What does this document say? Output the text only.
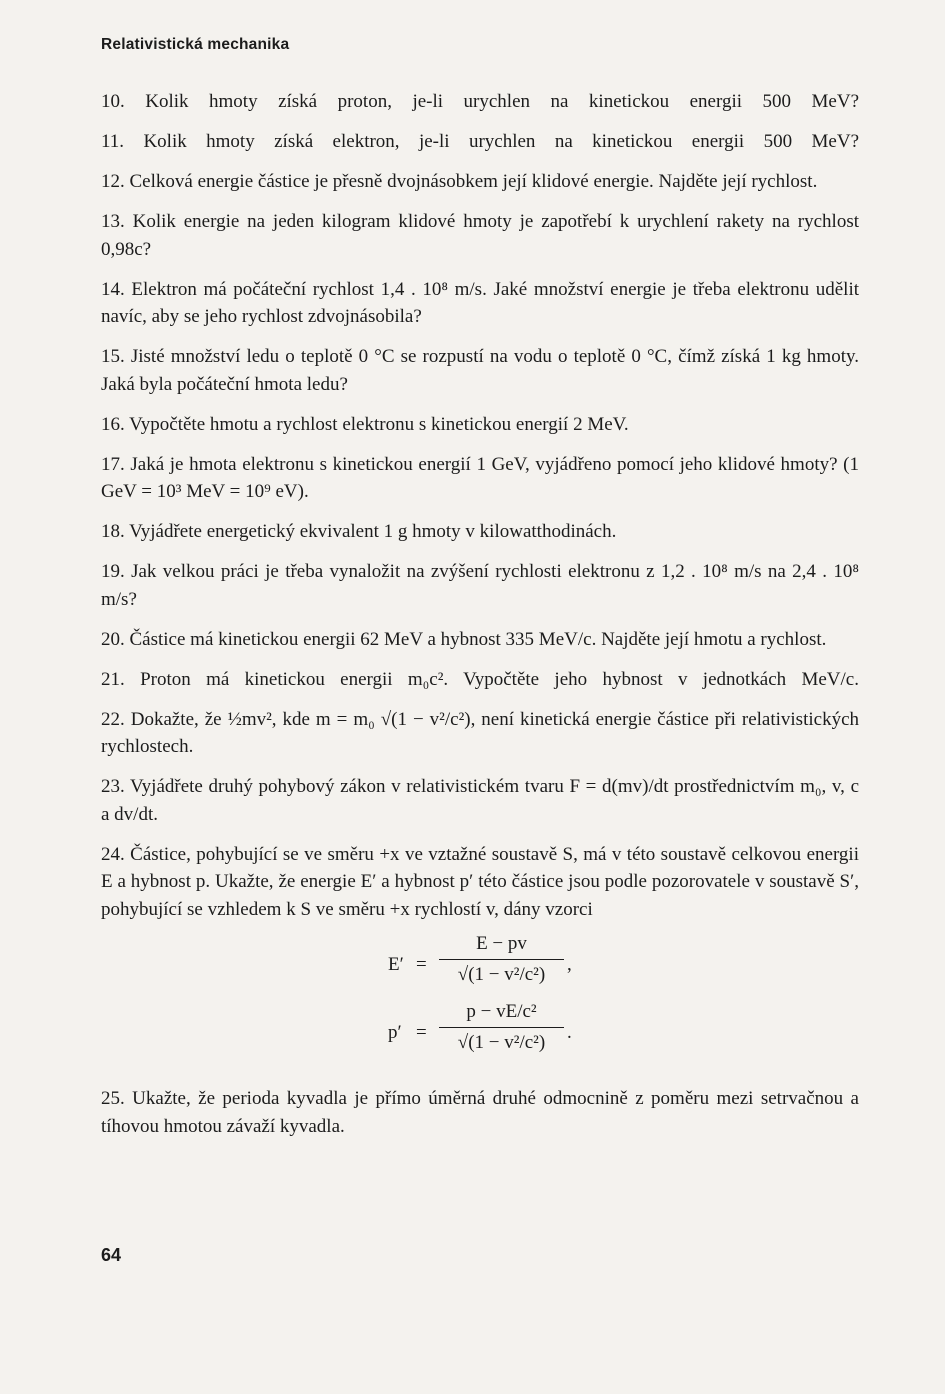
Relativistická mechanika

10. Kolik hmoty získá proton, je-li urychlen na kinetickou energii 500 MeV?

11. Kolik hmoty získá elektron, je-li urychlen na kinetickou energii 500 MeV?

12. Celková energie částice je přesně dvojnásobkem její klidové energie. Najděte její rychlost.

13. Kolik energie na jeden kilogram klidové hmoty je zapotřebí k urychlení rakety na rychlost 0,98c?

14. Elektron má počáteční rychlost 1,4 . 10⁸ m/s. Jaké množství energie je třeba elektronu udělit navíc, aby se jeho rychlost zdvojnásobila?

15. Jisté množství ledu o teplotě 0 °C se rozpustí na vodu o teplotě 0 °C, čímž získá 1 kg hmoty. Jaká byla počáteční hmota ledu?

16. Vypočtěte hmotu a rychlost elektronu s kinetickou energií 2 MeV.

17. Jaká je hmota elektronu s kinetickou energií 1 GeV, vyjádřeno pomocí jeho klidové hmoty? (1 GeV = 10³ MeV = 10⁹ eV).

18. Vyjádřete energetický ekvivalent 1 g hmoty v kilowatthodinách.

19. Jak velkou práci je třeba vynaložit na zvýšení rychlosti elektronu z 1,2 . 10⁸ m/s na 2,4 . 10⁸ m/s?

20. Částice má kinetickou energii 62 MeV a hybnost 335 MeV/c. Najděte její hmotu a rychlost.

21. Proton má kinetickou energii m₀c². Vypočtěte jeho hybnost v jednotkách MeV/c.

22. Dokažte, že ½mv², kde m = m₀ √(1 − v²/c²), není kinetická energie částice při relativistických rychlostech.

23. Vyjádřete druhý pohybový zákon v relativistickém tvaru F = d(mv)/dt prostřednictvím m₀, v, c a dv/dt.

24. Částice, pohybující se ve směru +x ve vztažné soustavě S, má v této soustavě celkovou energii E a hybnost p. Ukažte, že energie E′ a hybnost p′ této částice jsou podle pozorovatele v soustavě S′, pohybující se vzhledem k S ve směru +x rychlostí v, dány vzorci

E′ =
E − pv
√(1 − v²/c²)	,
p′ =
p − vE/c²
√(1 − v²/c²)	.

25. Ukažte, že perioda kyvadla je přímo úměrná druhé odmocnině z poměru mezi setrvačnou a tíhovou hmotou závaží kyvadla.

64
